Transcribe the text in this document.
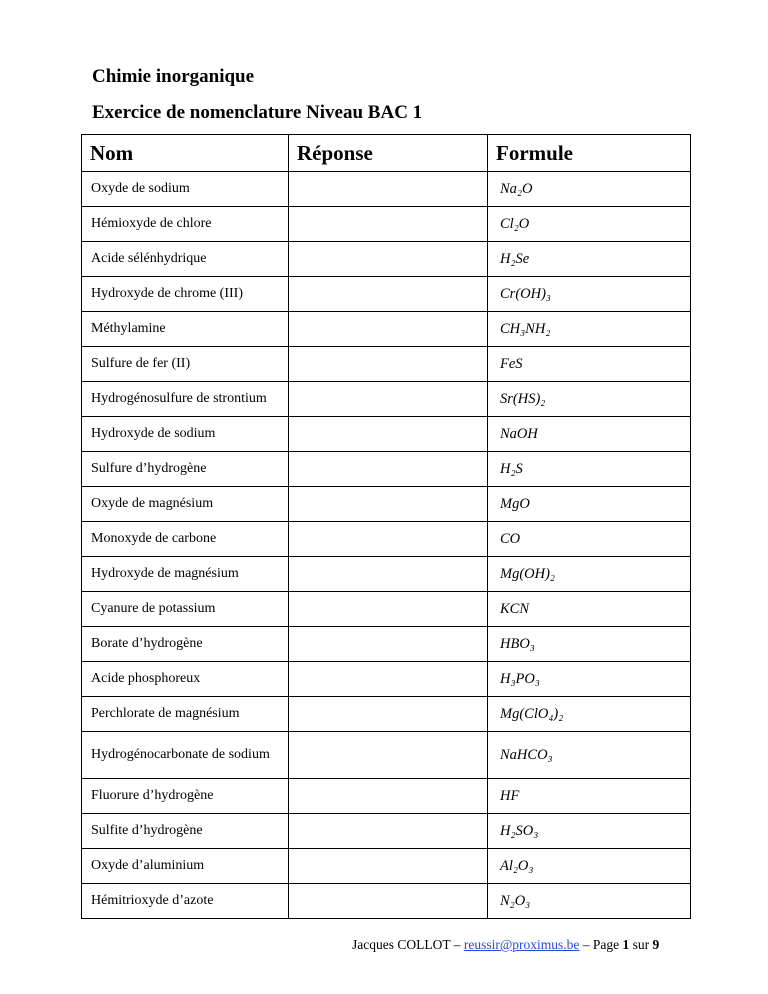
Chimie inorganique
Exercice de nomenclature Niveau BAC 1
Nom	Réponse	Formule
Oxyde de sodium		Na₂O
Hémioxyde de chlore		Cl₂O
Acide sélénhydrique		H₂Se
Hydroxyde de chrome (III)		Cr(OH)₃
Méthylamine		CH₃NH₂
Sulfure de fer (II)		FeS
Hydrogénosulfure de strontium		Sr(HS)₂
Hydroxyde de sodium		NaOH
Sulfure d’hydrogène		H₂S
Oxyde de magnésium		MgO
Monoxyde de carbone		CO
Hydroxyde de magnésium		Mg(OH)₂
Cyanure de potassium		KCN
Borate d’hydrogène		HBO₃
Acide phosphoreux		H₃PO₃
Perchlorate de magnésium		Mg(ClO₄)₂
Hydrogénocarbonate de sodium		NaHCO₃
Fluorure d’hydrogène		HF
Sulfite d’hydrogène		H₂SO₃
Oxyde d’aluminium		Al₂O₃
Hémitrioxyde d’azote		N₂O₃
Jacques COLLOT – reussir@proximus.be – Page 1 sur 9
